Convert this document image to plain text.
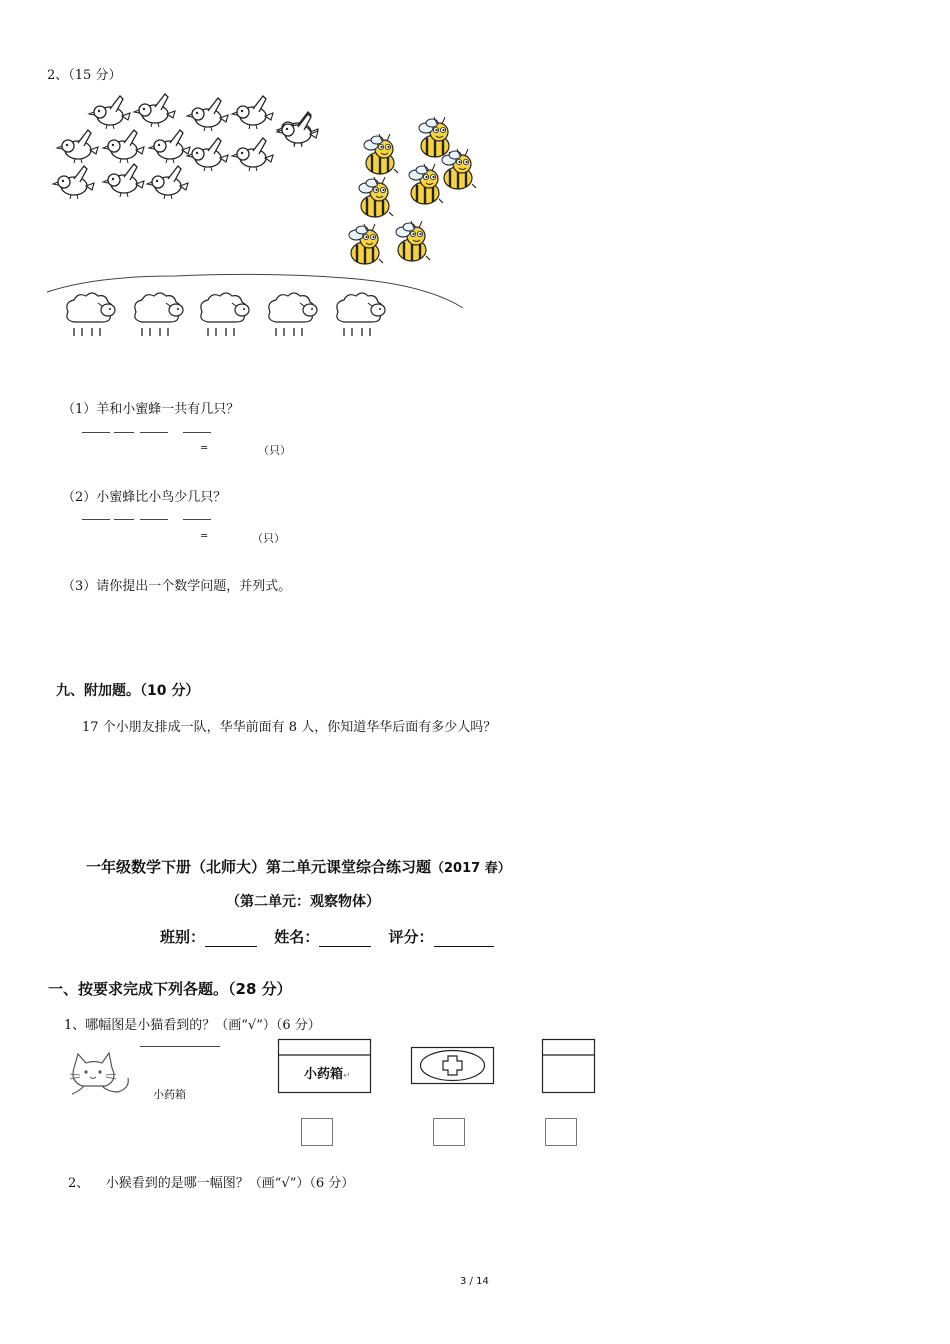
2、（15 分）
（1）羊和小蜜蜂一共有几只？
=	（只）
（2）小蜜蜂比小鸟少几只？
=	（只）
（3）请你提出一个数学问题，并列式。
九、附加题。（10 分）
17 个小朋友排成一队，华华前面有 8 人，你知道华华后面有多少人吗？
一年级数学下册（北师大）第二单元课堂综合练习题（2017 春）
（第二单元：观察物体）
班别：	姓名：	评分：
一、按要求完成下列各题。（28 分）
1、哪幅图是小猫看到的？（画“√”）（6 分）
小药箱
小药箱↵
2、    小猴看到的是哪一幅图？（画“√”）（6 分）
3 / 14
